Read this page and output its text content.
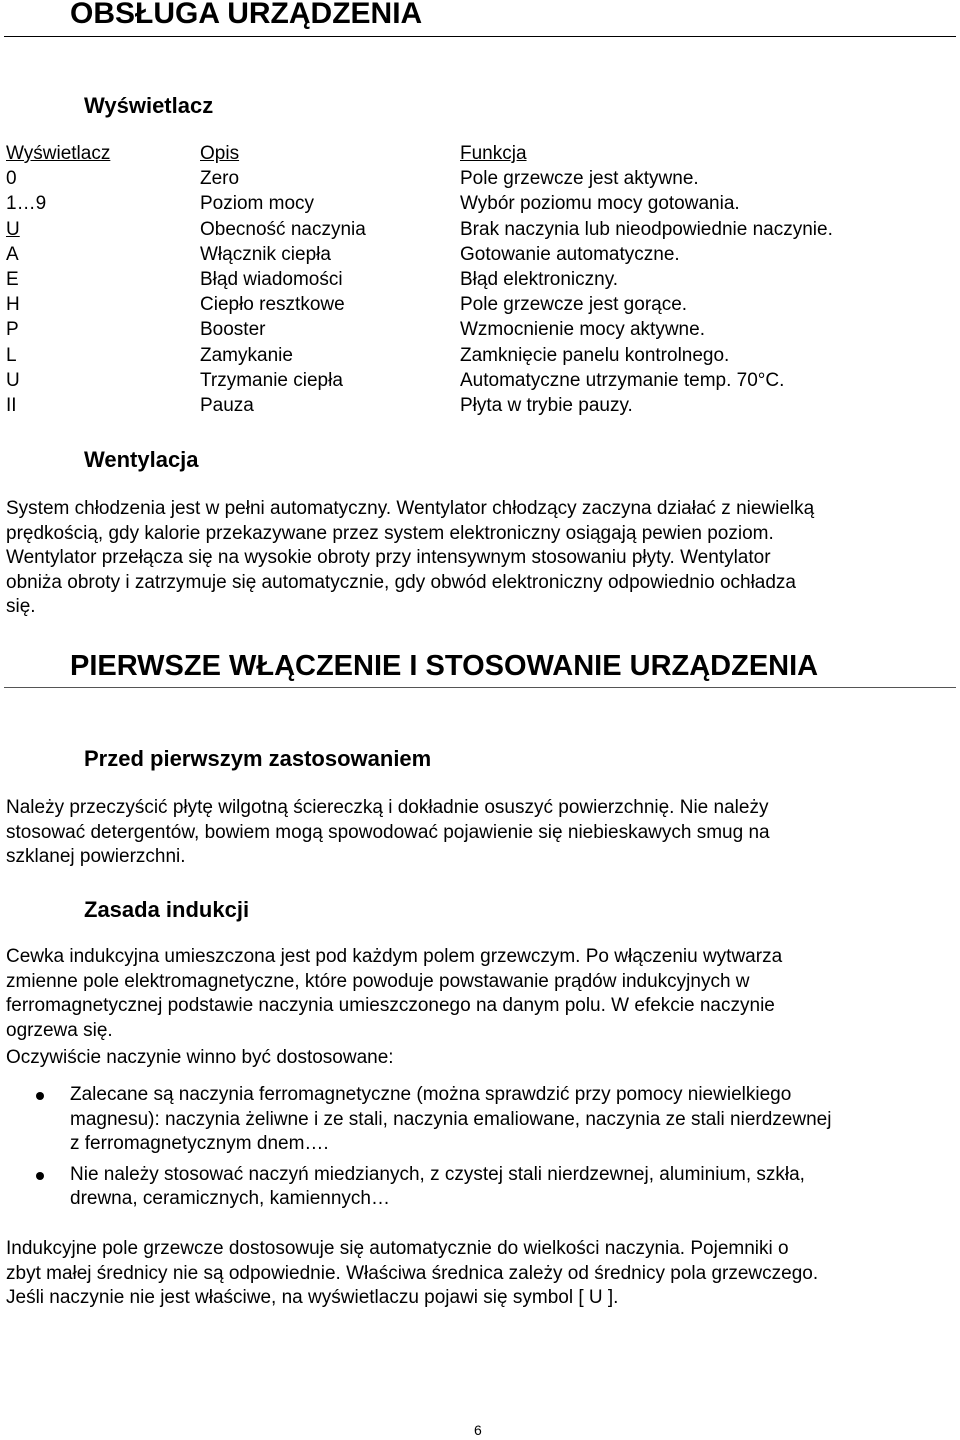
OBSŁUGA URZĄDZENIA
Wyświetlacz
Wyświetlacz	Opis	Funkcja
0	Zero	Pole grzewcze jest aktywne.
1…9	Poziom mocy	Wybór poziomu mocy gotowania.
U	Obecność naczynia	Brak naczynia lub nieodpowiednie naczynie.
A	Włącznik ciepła	Gotowanie automatyczne.
E	Błąd wiadomości	Błąd elektroniczny.
H	Ciepło resztkowe	Pole grzewcze jest gorące.
P	Booster	Wzmocnienie mocy aktywne.
L	Zamykanie	Zamknięcie panelu kontrolnego.
U	Trzymanie ciepła	Automatyczne utrzymanie temp. 70°C.
II	Pauza	Płyta w trybie pauzy.
Wentylacja
System chłodzenia jest w pełni automatyczny. Wentylator chłodzący zaczyna działać z niewielką
prędkością, gdy kalorie przekazywane przez system elektroniczny osiągają pewien poziom.
Wentylator przełącza się na wysokie obroty przy intensywnym stosowaniu płyty. Wentylator
obniża obroty i zatrzymuje się automatycznie, gdy obwód elektroniczny odpowiednio ochładza
się.
PIERWSZE WŁĄCZENIE I STOSOWANIE URZĄDZENIA
Przed pierwszym zastosowaniem
Należy przeczyścić płytę wilgotną ściereczką i dokładnie osuszyć powierzchnię. Nie należy
stosować detergentów, bowiem mogą spowodować pojawienie się niebieskawych smug na
szklanej powierzchni.
Zasada indukcji
Cewka indukcyjna umieszczona jest pod każdym polem grzewczym. Po włączeniu wytwarza
zmienne pole elektromagnetyczne, które powoduje powstawanie prądów indukcyjnych w
ferromagnetycznej podstawie naczynia umieszczonego na danym polu. W efekcie naczynie
ogrzewa się.
Oczywiście naczynie winno być dostosowane:
Zalecane są naczynia ferromagnetyczne (można sprawdzić przy pomocy niewielkiego
magnesu): naczynia żeliwne i ze stali, naczynia emaliowane, naczynia ze stali nierdzewnej
z ferromagnetycznym dnem….
Nie należy stosować naczyń miedzianych, z czystej stali nierdzewnej, aluminium, szkła,
drewna, ceramicznych, kamiennych…
Indukcyjne pole grzewcze dostosowuje się automatycznie do wielkości naczynia. Pojemniki o
zbyt małej średnicy nie są odpowiednie. Właściwa średnica zależy od średnicy pola grzewczego.
Jeśli naczynie nie jest właściwe, na wyświetlaczu pojawi się symbol [ U ].
6
